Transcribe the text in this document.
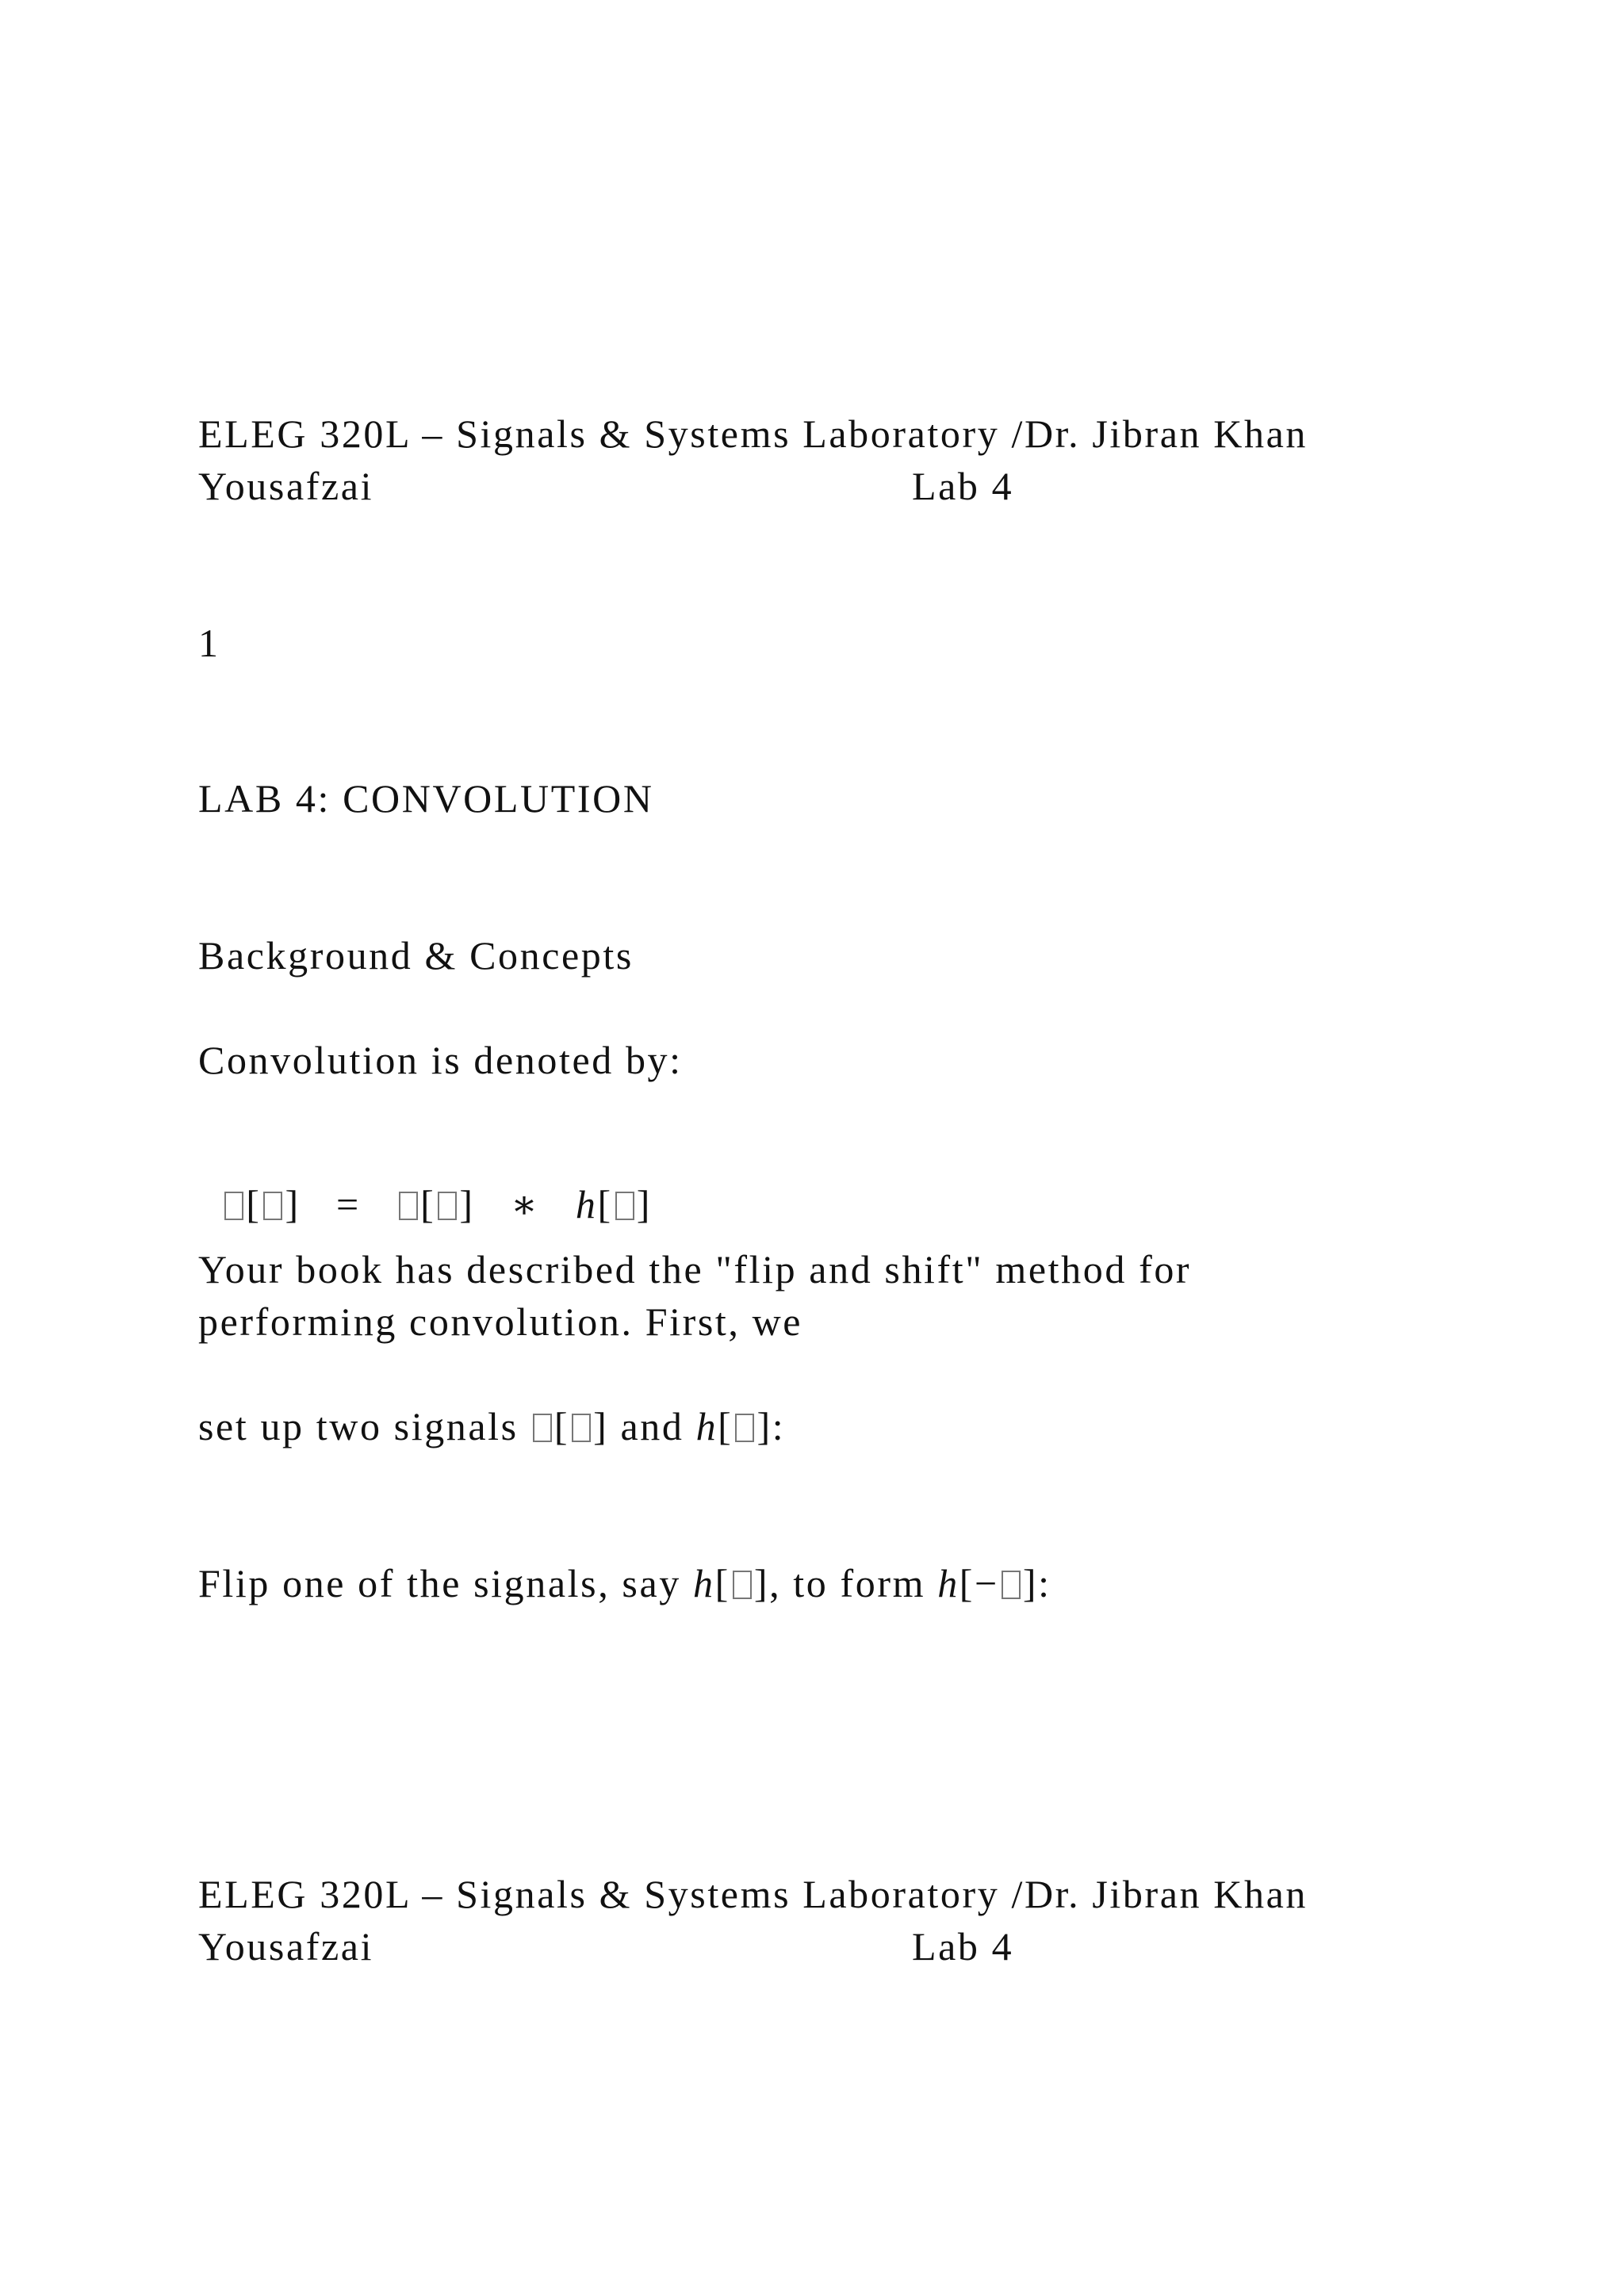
ELEG 320L – Signals & Systems Laboratory /Dr. Jibran Khan
Yousafzai	Lab 4
1
LAB 4: CONVOLUTION
Background & Concepts
Convolution is denoted by:

[ ]   = [ ]   ∗ h[ ]

Your book has described the "flip and shift" method for
performing convolution. First, we
set up two signals [ ] and h[ ]:
Flip one of the signals, say h[ ], to form h[− ]:
ELEG 320L – Signals & Systems Laboratory /Dr. Jibran Khan
Yousafzai	Lab 4
